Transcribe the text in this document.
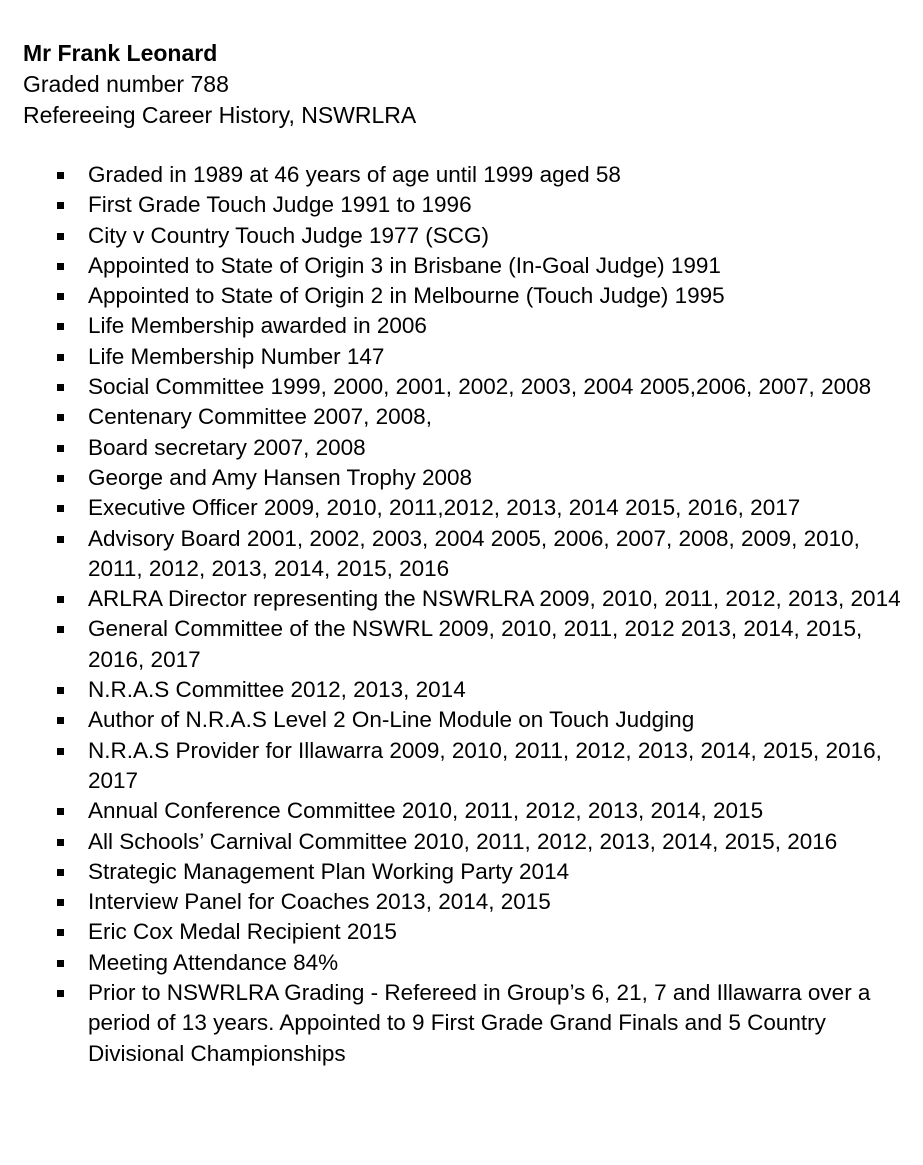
Mr Frank Leonard
Graded number 788
Refereeing Career History, NSWRLRA
Graded in 1989 at 46 years of age until 1999 aged 58
First Grade Touch Judge 1991 to 1996
City v Country Touch Judge 1977 (SCG)
Appointed to State of Origin 3 in Brisbane (In-Goal Judge) 1991
Appointed to State of Origin 2 in Melbourne (Touch Judge) 1995
Life Membership awarded in 2006
Life Membership Number 147
Social Committee 1999, 2000, 2001, 2002, 2003, 2004 2005,2006, 2007, 2008
Centenary Committee 2007, 2008,
Board secretary 2007, 2008
George and Amy Hansen Trophy 2008
Executive Officer 2009, 2010, 2011,2012, 2013, 2014 2015, 2016, 2017
Advisory Board 2001, 2002, 2003, 2004 2005, 2006, 2007, 2008, 2009, 2010, 2011, 2012, 2013, 2014, 2015, 2016
ARLRA Director representing the NSWRLRA 2009, 2010, 2011, 2012, 2013, 2014
General Committee of the NSWRL 2009, 2010, 2011, 2012 2013, 2014, 2015, 2016, 2017
N.R.A.S Committee 2012, 2013, 2014
Author of N.R.A.S Level 2 On-Line Module on Touch Judging
N.R.A.S Provider for Illawarra 2009, 2010, 2011, 2012, 2013, 2014, 2015, 2016, 2017
Annual Conference Committee 2010, 2011, 2012, 2013, 2014, 2015
All Schools’ Carnival Committee 2010, 2011, 2012, 2013, 2014, 2015, 2016
Strategic Management Plan Working Party 2014
Interview Panel for Coaches 2013, 2014, 2015
Eric Cox Medal Recipient 2015
Meeting Attendance 84%
Prior to NSWRLRA Grading - Refereed in Group’s 6, 21, 7 and Illawarra over a period of 13 years. Appointed to 9 First Grade Grand Finals and 5 Country Divisional Championships
